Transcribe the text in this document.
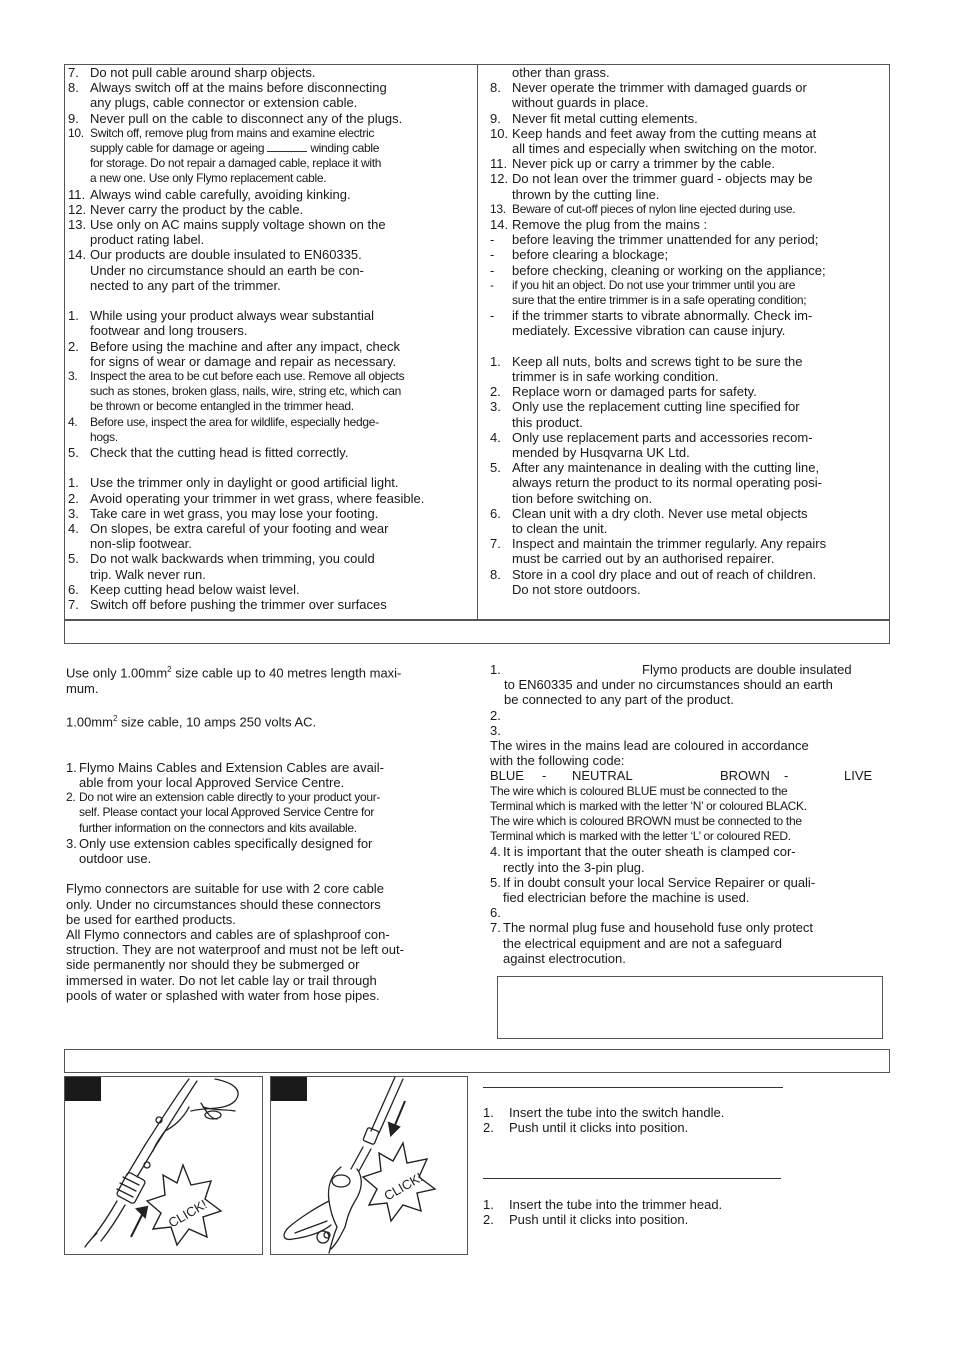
7. Do not pull cable around sharp objects.
8. Always switch off at the mains before disconnecting
any plugs, cable connector or extension cable.
9. Never pull on the cable to disconnect any of the plugs.
10. Switch off, remove plug from mains and examine electric
supply cable for damage or ageing	winding cable
for storage. Do not repair a damaged cable, replace it with
a new one. Use only Flymo replacement cable.
11. Always wind cable carefully, avoiding kinking.
12. Never carry the product by the cable.
13. Use only on AC mains supply voltage shown on the
product rating label.
14. Our products are double insulated to EN60335.
Under no circumstance should an earth be con-
nected to any part of the trimmer.
1. While using your product always wear substantial
footwear and long trousers.
2. Before using the machine and after any impact, check
for signs of wear or damage and repair as necessary.
3.	Inspect the area to be cut before each use. Remove all objects
such as stones, broken glass, nails, wire, string etc, which can
be thrown or become entangled in the trimmer head.
4.	Before use, inspect the area for wildlife, especially hedge-
hogs.
5. Check that the cutting head is fitted correctly.
1. Use the trimmer only in daylight or good artificial light.
2. Avoid operating your trimmer in wet grass, where feasible.
3. Take care in wet grass, you may lose your footing.
4. On slopes, be extra careful of your footing and wear
non-slip footwear.
5. Do not walk backwards when trimming, you could
trip. Walk never run.
6. Keep cutting head below waist level.
7. Switch off before pushing the trimmer over surfaces
other than grass.
8. Never operate the trimmer with damaged guards or
without guards in place.
9. Never fit metal cutting elements.
10. Keep hands and feet away from the cutting means at
all times and especially when switching on the motor.
11. Never pick up or carry a trimmer by the cable.
12. Do not lean over the trimmer guard - objects may be
thrown by the cutting line.
13. Beware of cut-off pieces of nylon line ejected during use.
14. Remove the plug from the mains :
-	before leaving the trimmer unattended for any period;
-	before clearing a blockage;
-	before checking, cleaning or working on the appliance;
-	if you hit an object. Do not use your trimmer until you are
sure that the entire trimmer is in a safe operating condition;
-	if the trimmer starts to vibrate abnormally. Check im-
mediately. Excessive vibration can cause injury.
1. Keep all nuts, bolts and screws tight to be sure the
trimmer is in safe working condition.
2. Replace worn or damaged parts for safety.
3. Only use the replacement cutting line specified for
this product.
4. Only use replacement parts and accessories recom-
mended by Husqvarna UK Ltd.
5. After any maintenance in dealing with the cutting line,
always return the product to its normal operating posi-
tion before switching on.
6. Clean unit with a dry cloth. Never use metal objects
to clean the unit.
7. Inspect and maintain the trimmer regularly. Any repairs
must be carried out by an authorised repairer.
8. Store in a cool dry place and out of reach of children.
Do not store outdoors.

Use only $1.00mm^2$ size cable up to 40 metres length maxi-

mum.

$1.00mm^2$ size cable, 10 amps 250 volts AC.

1. Flymo Mains Cables and Extension Cables are avail-
able from your local Approved Service Centre.
2. Do not wire an extension cable directly to your product your-
self. Please contact your local Approved Service Centre for
further information on the connectors and kits available.
3. Only use extension cables specifically designed for
outdoor use.
Flymo connectors are suitable for use with 2 core cable
only. Under no circumstances should these connectors
be used for earthed products.
All Flymo connectors and cables are of splashproof con-
struction. They are not waterproof and must not be left out-
side permanently nor should they be submerged or
immersed in water. Do not let cable lay or trail through
pools of water or splashed with water from hose pipes.
1.	Flymo products are double insulated
to EN60335 and under no circumstances should an earth
be connected to any part of the product.
2.
3.
The wires in the mains lead are coloured in accordance
with the following code:
BLUE	-	NEUTRAL	BROWN	-	LIVE

The wire which is coloured BLUE must be connected to the

Terminal which is marked with the letter ‘N’ or coloured BLACK.

The wire which is coloured BROWN must be connected to the

Terminal which is marked with the letter ‘L’ or coloured RED.

4. It is important that the outer sheath is clamped cor-
rectly into the 3-pin plug.
5. If in doubt consult your local Service Repairer or quali-
fied electrician before the machine is used.
6.
7. The normal plug fuse and household fuse only protect
the electrical equipment and are not a safeguard
against electrocution.
CLICK!
CLICK!
1.	Insert the tube into the switch handle.
2.	Push until it clicks into position.
1.	Insert the tube into the trimmer head.
2.	Push until it clicks into position.
